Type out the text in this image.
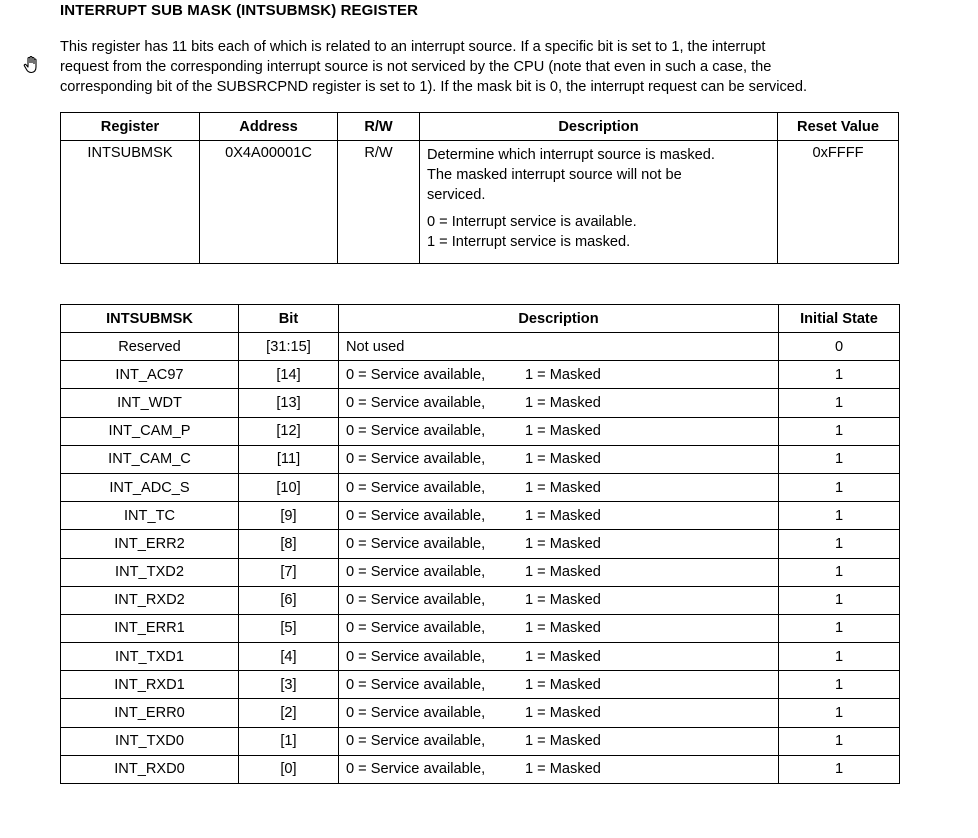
INTERRUPT SUB MASK (INTSUBMSK) REGISTER
This register has 11 bits each of which is related to an interrupt source. If a specific bit is set to 1, the interrupt
request from the corresponding interrupt source is not serviced by the CPU (note that even in such a case, the
corresponding bit of the SUBSRCPND register is set to 1). If the mask bit is 0, the interrupt request can be serviced.
Register	Address	R/W	Description	Reset Value
INTSUBMSK	0X4A00001C	R/W	Determine which interrupt source is masked.
The masked interrupt source will not be
serviced.
0 = Interrupt service is available.
1 = Interrupt service is masked.	0xFFFF
INTSUBMSK	Bit	Description	Initial State
Reserved	[31:15]	Not used	0
INT_AC97	[14]	0 = Service available, 1 = Masked	1
INT_WDT	[13]	0 = Service available, 1 = Masked	1
INT_CAM_P	[12]	0 = Service available, 1 = Masked	1
INT_CAM_C	[11]	0 = Service available, 1 = Masked	1
INT_ADC_S	[10]	0 = Service available, 1 = Masked	1
INT_TC	[9]	0 = Service available, 1 = Masked	1
INT_ERR2	[8]	0 = Service available, 1 = Masked	1
INT_TXD2	[7]	0 = Service available, 1 = Masked	1
INT_RXD2	[6]	0 = Service available, 1 = Masked	1
INT_ERR1	[5]	0 = Service available, 1 = Masked	1
INT_TXD1	[4]	0 = Service available, 1 = Masked	1
INT_RXD1	[3]	0 = Service available, 1 = Masked	1
INT_ERR0	[2]	0 = Service available, 1 = Masked	1
INT_TXD0	[1]	0 = Service available, 1 = Masked	1
INT_RXD0	[0]	0 = Service available, 1 = Masked	1
